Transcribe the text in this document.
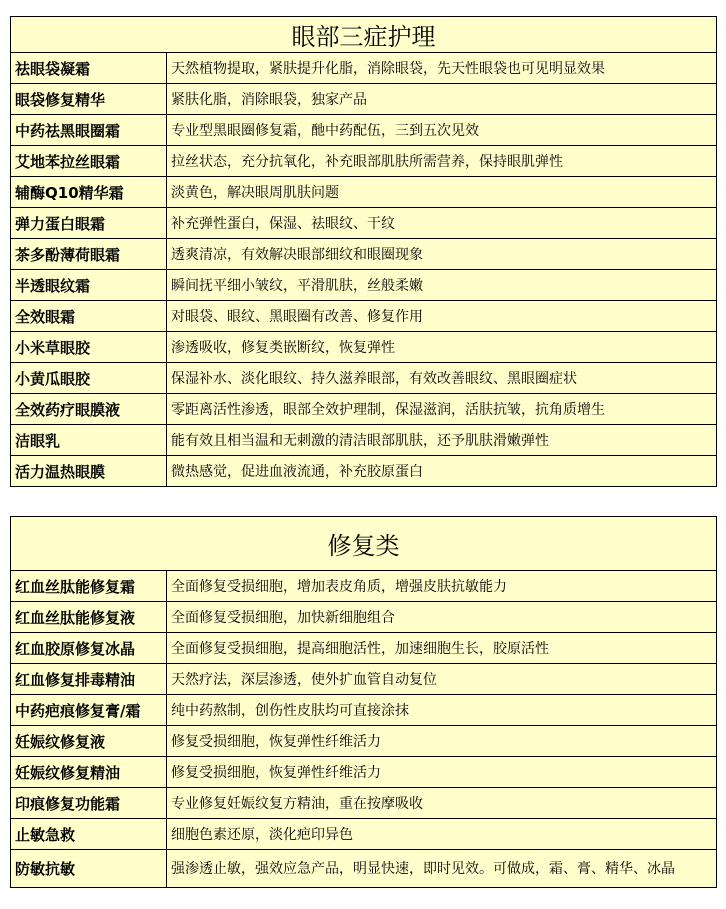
眼部三症护理	
祛眼袋凝霜	天然植物提取，紧肤提升化脂，消除眼袋，先天性眼袋也可见明显效果
眼袋修复精华	紧肤化脂，消除眼袋，独家产品
中药祛黑眼圈霜	专业型黑眼圈修复霜，酏中药配伍，三到五次见效
艾地苯拉丝眼霜	拉丝状态，充分抗氧化，补充眼部肌肤所需营养，保持眼肌弹性
辅酶Q10精华霜	淡黄色，解决眼周肌肤问题
弹力蛋白眼霜	补充弹性蛋白，保湿、祛眼纹、干纹
茶多酚薄荷眼霜	透爽清凉，有效解决眼部细纹和眼圈现象
半透眼纹霜	瞬间抚平细小皱纹，平滑肌肤，丝般柔嫩
全效眼霜	对眼袋、眼纹、黑眼圈有改善、修复作用
小米草眼胶	渗透吸收，修复类嵌断纹，恢复弹性
小黄瓜眼胶	保湿补水、淡化眼纹、持久滋养眼部，有效改善眼纹、黑眼圈症状
全效药疗眼膜液	零距离活性渗透，眼部全效护理制，保湿滋润，活肤抗皱，抗角质增生
洁眼乳	能有效且相当温和无刺激的清洁眼部肌肤，还予肌肤滑嫩弹性
活力温热眼膜	微热感觉，促进血液流通，补充胶原蛋白
修复类	
红血丝肽能修复霜	全面修复受损细胞，增加表皮角质，增强皮肤抗敏能力
红血丝肽能修复液	全面修复受损细胞，加快新细胞组合
红血胶原修复冰晶	全面修复受损细胞，提高细胞活性，加速细胞生长，胶原活性
红血修复排毒精油	天然疗法，深层渗透，使外扩血管自动复位
中药疤痕修复膏/霜	纯中药熬制，创伤性皮肤均可直接涂抹
妊娠纹修复液	修复受损细胞，恢复弹性纤维活力
妊娠纹修复精油	修复受损细胞，恢复弹性纤维活力
印痕修复功能霜	专业修复妊娠纹复方精油，重在按摩吸收
止敏急救	细胞色素还原，淡化疤印异色
防敏抗敏	强渗透止敏，强效应急产品，明显快速，即时见效。可做成，霜、膏、精华、冰晶
